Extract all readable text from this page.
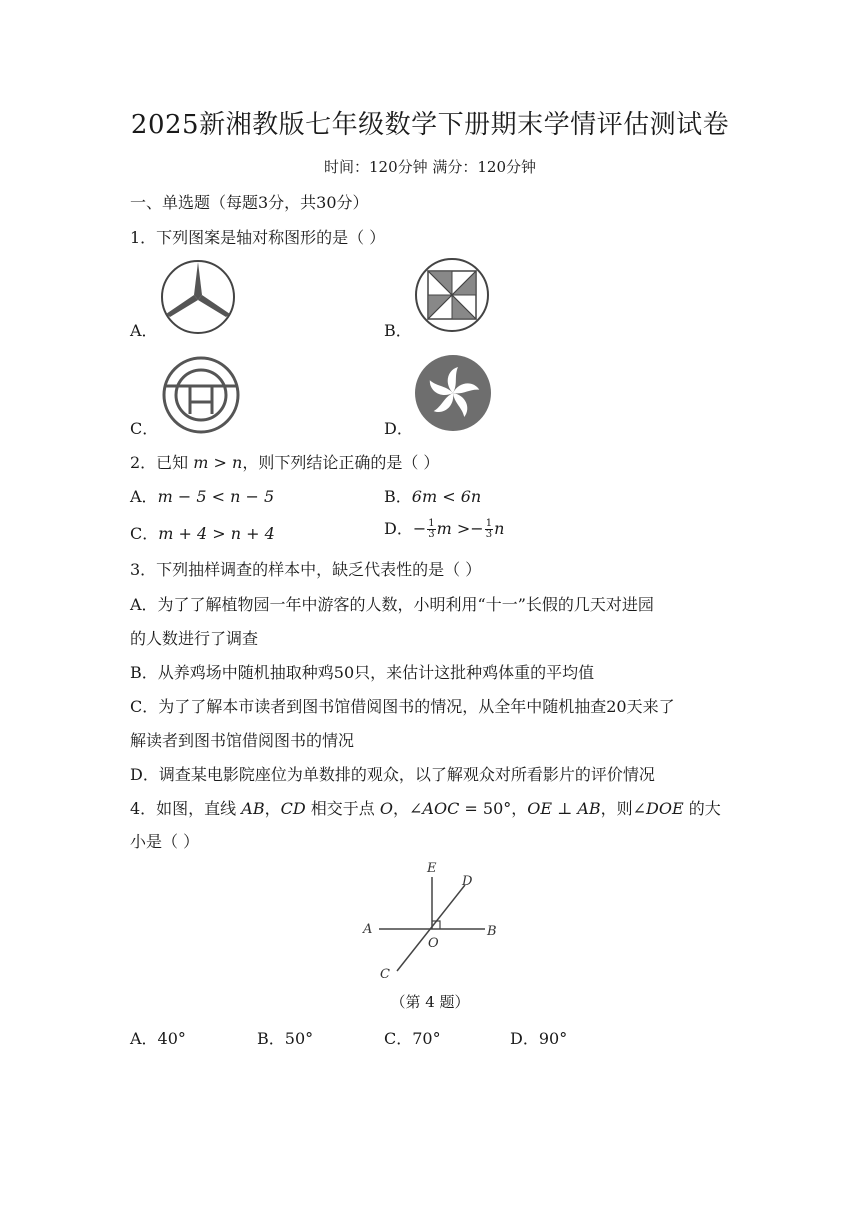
2025新湘教版七年级数学下册期末学情评估测试卷
时间：120分钟 满分：120分钟
一、单选题（每题3分，共30分）
1．下列图案是轴对称图形的是（ ）
A．	B．
C．	D．
2．已知 m > n，则下列结论正确的是（ ）
A．m − 5 < n − 5	B．6m < 6n
C．m + 4 > n + 4	D．− $\frac{1}{3}$ $m >- \frac{1}{3}$ n
3．下列抽样调查的样本中，缺乏代表性的是（ ）
A．为了了解植物园一年中游客的人数，小明利用“十一”长假的几天对进园
的人数进行了调查
B．从养鸡场中随机抽取种鸡50只，来估计这批种鸡体重的平均值
C．为了了解本市读者到图书馆借阅图书的情况，从全年中随机抽查20天来了
解读者到图书馆借阅图书的情况
D．调查某电影院座位为单数排的观众，以了解观众对所看影片的评价情况
4．如图，直线 AB，CD 相交于点 O，∠AOC = 50°，OE ⊥ AB，则∠DOE 的大
小是（ ）
E
D
A
O
B
C
（第 4 题）
A．40°	B．50°	C．70°	D．90°
